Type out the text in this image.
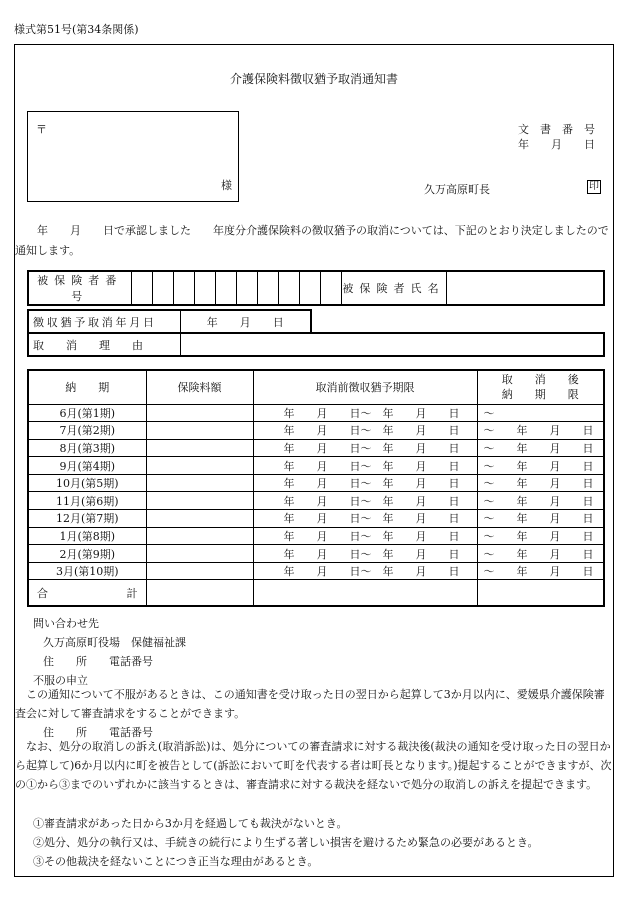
様式第51号(第34条関係)
介護保険料徴収猶予取消通知書
〒
様
文　書　番　号
年　　月　　日
久万高原町長	印
　　年　　月　　日で承認しました　　年度分介護保険料の徴収猶予の取消については、下記のとおり決定しましたので通知します。
被保険者番号											被保険者氏名	
徴収猶予取消年月日	年　　月　　日
取　　消　　理　　由	
納　　期	保険料額	取消前徴収猶予期限	取　　消　　後
納　　期　　限

6月(第1期)		年　　月　　日～　年　　月　　日	～
7月(第2期)		年　　月　　日～　年　　月　　日	～　　年　　月　　日
8月(第3期)		年　　月　　日～　年　　月　　日	～　　年　　月　　日
9月(第4期)		年　　月　　日～　年　　月　　日	～　　年　　月　　日
10月(第5期)		年　　月　　日～　年　　月　　日	～　　年　　月　　日
11月(第6期)		年　　月　　日～　年　　月　　日	～　　年　　月　　日
12月(第7期)		年　　月　　日～　年　　月　　日	～　　年　　月　　日
1月(第8期)		年　　月　　日～　年　　月　　日	～　　年　　月　　日
2月(第9期)		年　　月　　日～　年　　月　　日	～　　年　　月　　日
3月(第10期)		年　　月　　日～　年　　月　　日	～　　年　　月　　日
合 計			

問い合わせ先
久万高原町役場　保健福祉課
住　　所　　電話番号
不服の申立
　この通知について不服があるときは、この通知書を受け取った日の翌日から起算して3か月以内に、愛媛県介護保険審査会に対して審査請求をすることができます。
住　　所　　電話番号
　なお、処分の取消しの訴え(取消訴訟)は、処分についての審査請求に対する裁決後(裁決の通知を受け取った日の翌日から起算して)6か月以内に町を被告として(訴訟において町を代表する者は町長となります。)提起することができますが、次の①から③までのいずれかに該当するときは、審査請求に対する裁決を経ないで処分の取消しの訴えを提起できます。
①審査請求があった日から3か月を経過しても裁決がないとき。
②処分、処分の執行又は、手続きの続行により生ずる著しい損害を避けるため緊急の必要があるとき。
③その他裁決を経ないことにつき正当な理由があるとき。
